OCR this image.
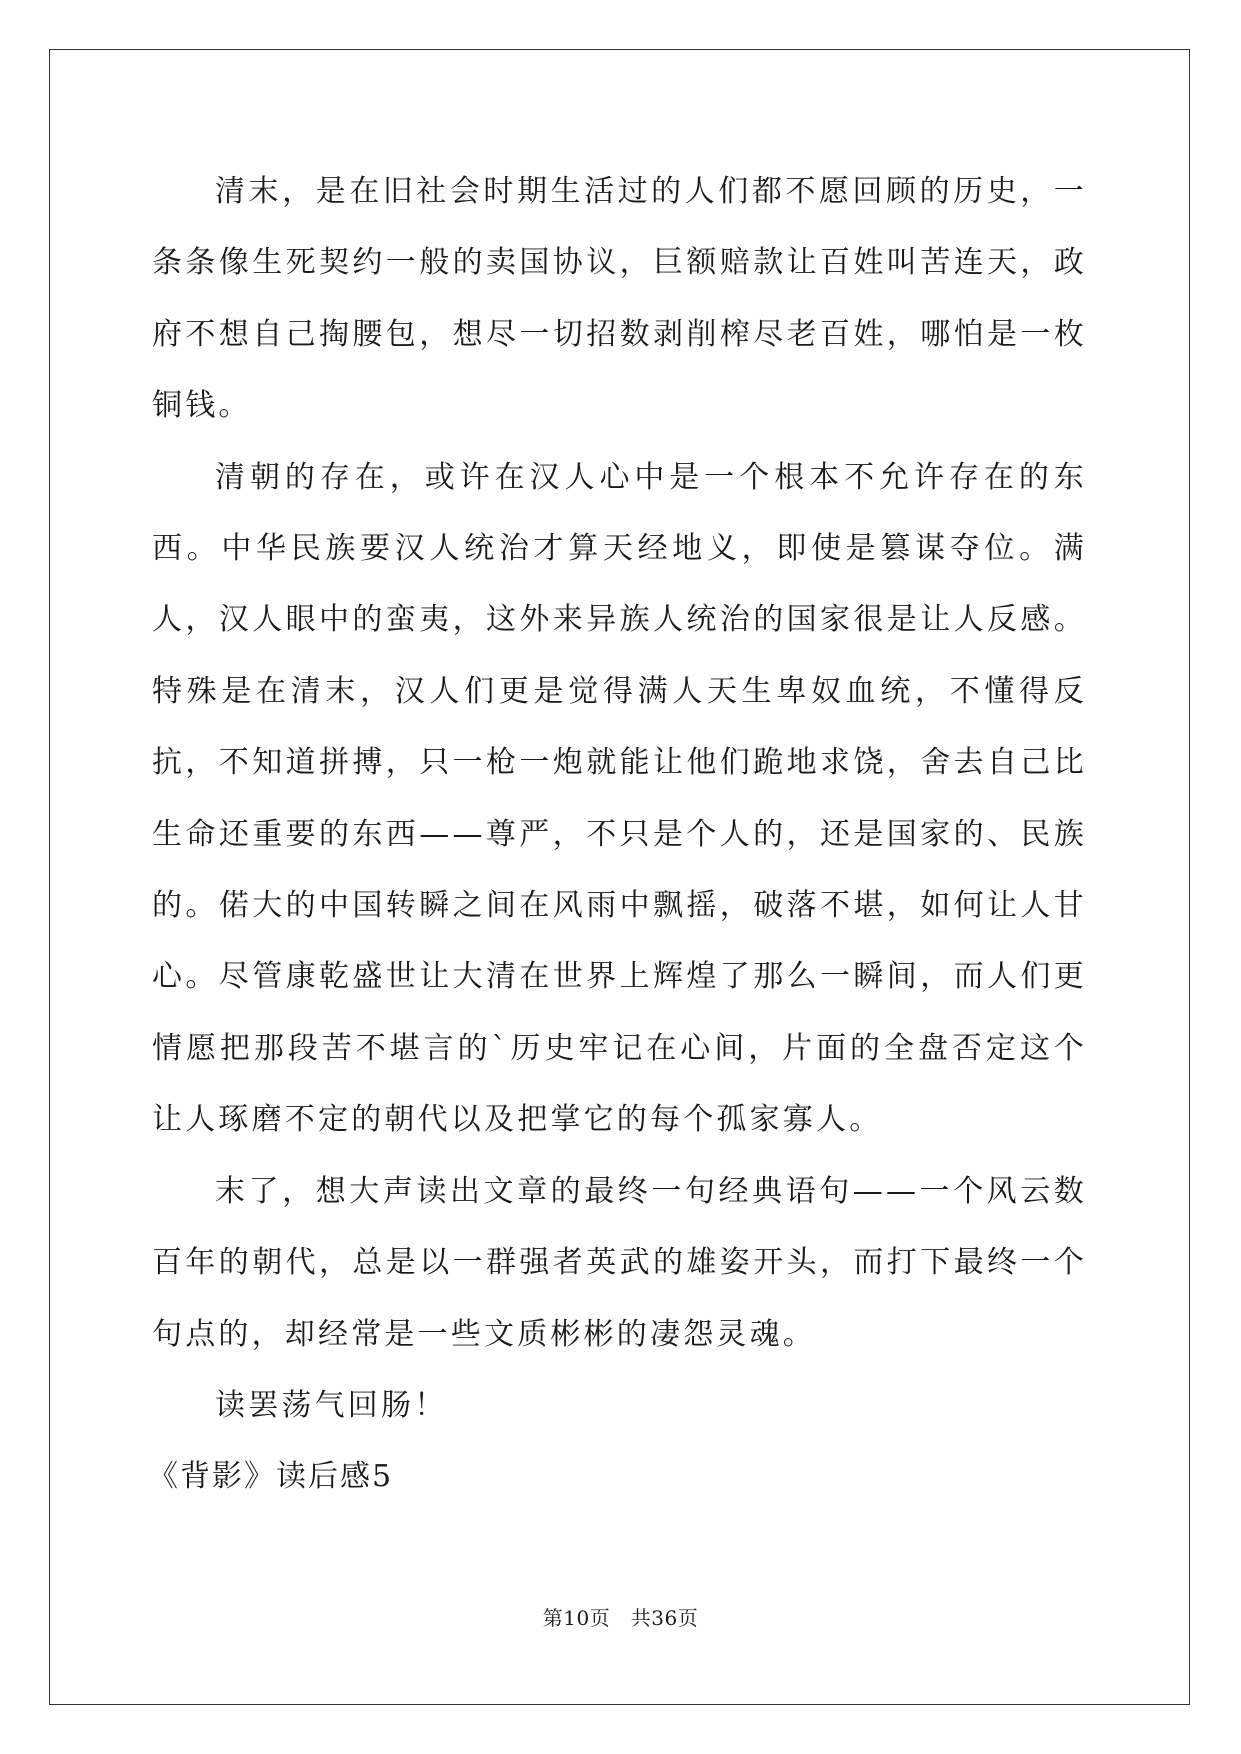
清末，是在旧社会时期生活过的人们都不愿回顾的历史，一条条像生死契约一般的卖国协议，巨额赔款让百姓叫苦连天，政府不想自己掏腰包，想尽一切招数剥削榨尽老百姓，哪怕是一枚铜钱。

清朝的存在，或许在汉人心中是一个根本不允许存在的东西。中华民族要汉人统治才算天经地义，即使是篡谋夺位。满人，汉人眼中的蛮夷，这外来异族人统治的国家很是让人反感。特殊是在清末，汉人们更是觉得满人天生卑奴血统，不懂得反抗，不知道拼搏，只一枪一炮就能让他们跪地求饶，舍去自己比生命还重要的东西——尊严，不只是个人的，还是国家的、民族的。偌大的中国转瞬之间在风雨中飘摇，破落不堪，如何让人甘心。尽管康乾盛世让大清在世界上辉煌了那么一瞬间，而人们更情愿把那段苦不堪言的`历史牢记在心间，片面的全盘否定这个让人琢磨不定的朝代以及把掌它的每个孤家寡人。

末了，想大声读出文章的最终一句经典语句——一个风云数百年的朝代，总是以一群强者英武的雄姿开头，而打下最终一个句点的，却经常是一些文质彬彬的凄怨灵魂。

读罢荡气回肠！

《背影》读后感5

第10页 共36页
